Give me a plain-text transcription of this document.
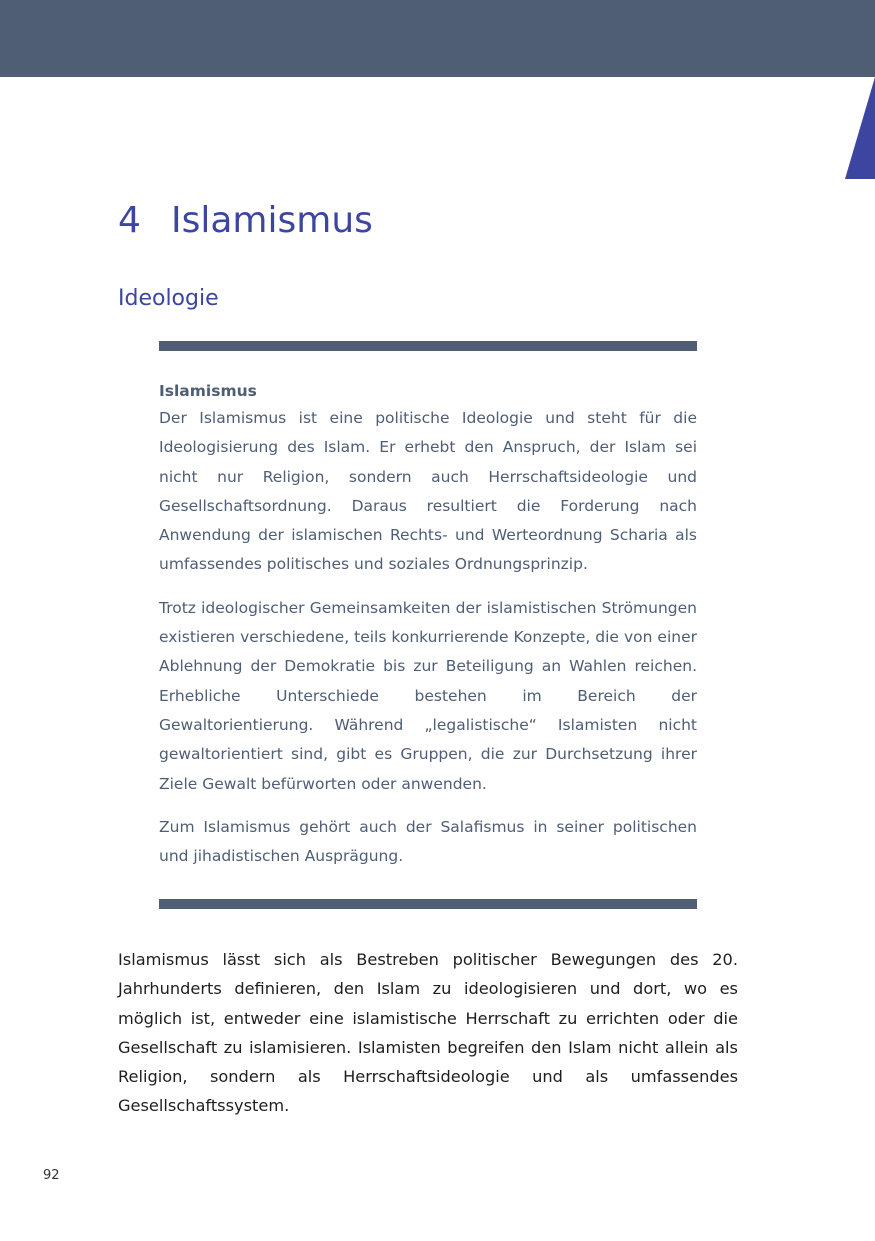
4 Islamismus
Ideologie

Islamismus

Der Islamismus ist eine politische Ideologie und steht für die Ideologisierung des Islam. Er erhebt den Anspruch, der Islam sei nicht nur Religion, sondern auch Herrschaftsideologie und Gesellschaftsordnung. Daraus resultiert die Forderung nach Anwendung der islamischen Rechts- und Werteordnung Scharia als umfassendes politisches und soziales Ordnungsprinzip.

Trotz ideologischer Gemeinsamkeiten der islamistischen Strömungen existieren verschiedene, teils konkurrierende Konzepte, die von einer Ablehnung der Demokratie bis zur Beteiligung an Wahlen reichen. Erhebliche Unterschiede bestehen im Bereich der Gewaltorientierung. Während „legalistische“ Islamisten nicht gewaltorientiert sind, gibt es Gruppen, die zur Durchsetzung ihrer Ziele Gewalt befürworten oder anwenden.

Zum Islamismus gehört auch der Salafismus in seiner politischen und jihadistischen Ausprägung.

Islamismus lässt sich als Bestreben politischer Bewegungen des 20. Jahrhunderts definieren, den Islam zu ideologisieren und dort, wo es möglich ist, entweder eine islamistische Herrschaft zu errichten oder die Gesellschaft zu islamisieren. Islamisten begreifen den Islam nicht allein als Religion, sondern als Herrschaftsideologie und als umfassendes Gesellschaftssystem.

92
